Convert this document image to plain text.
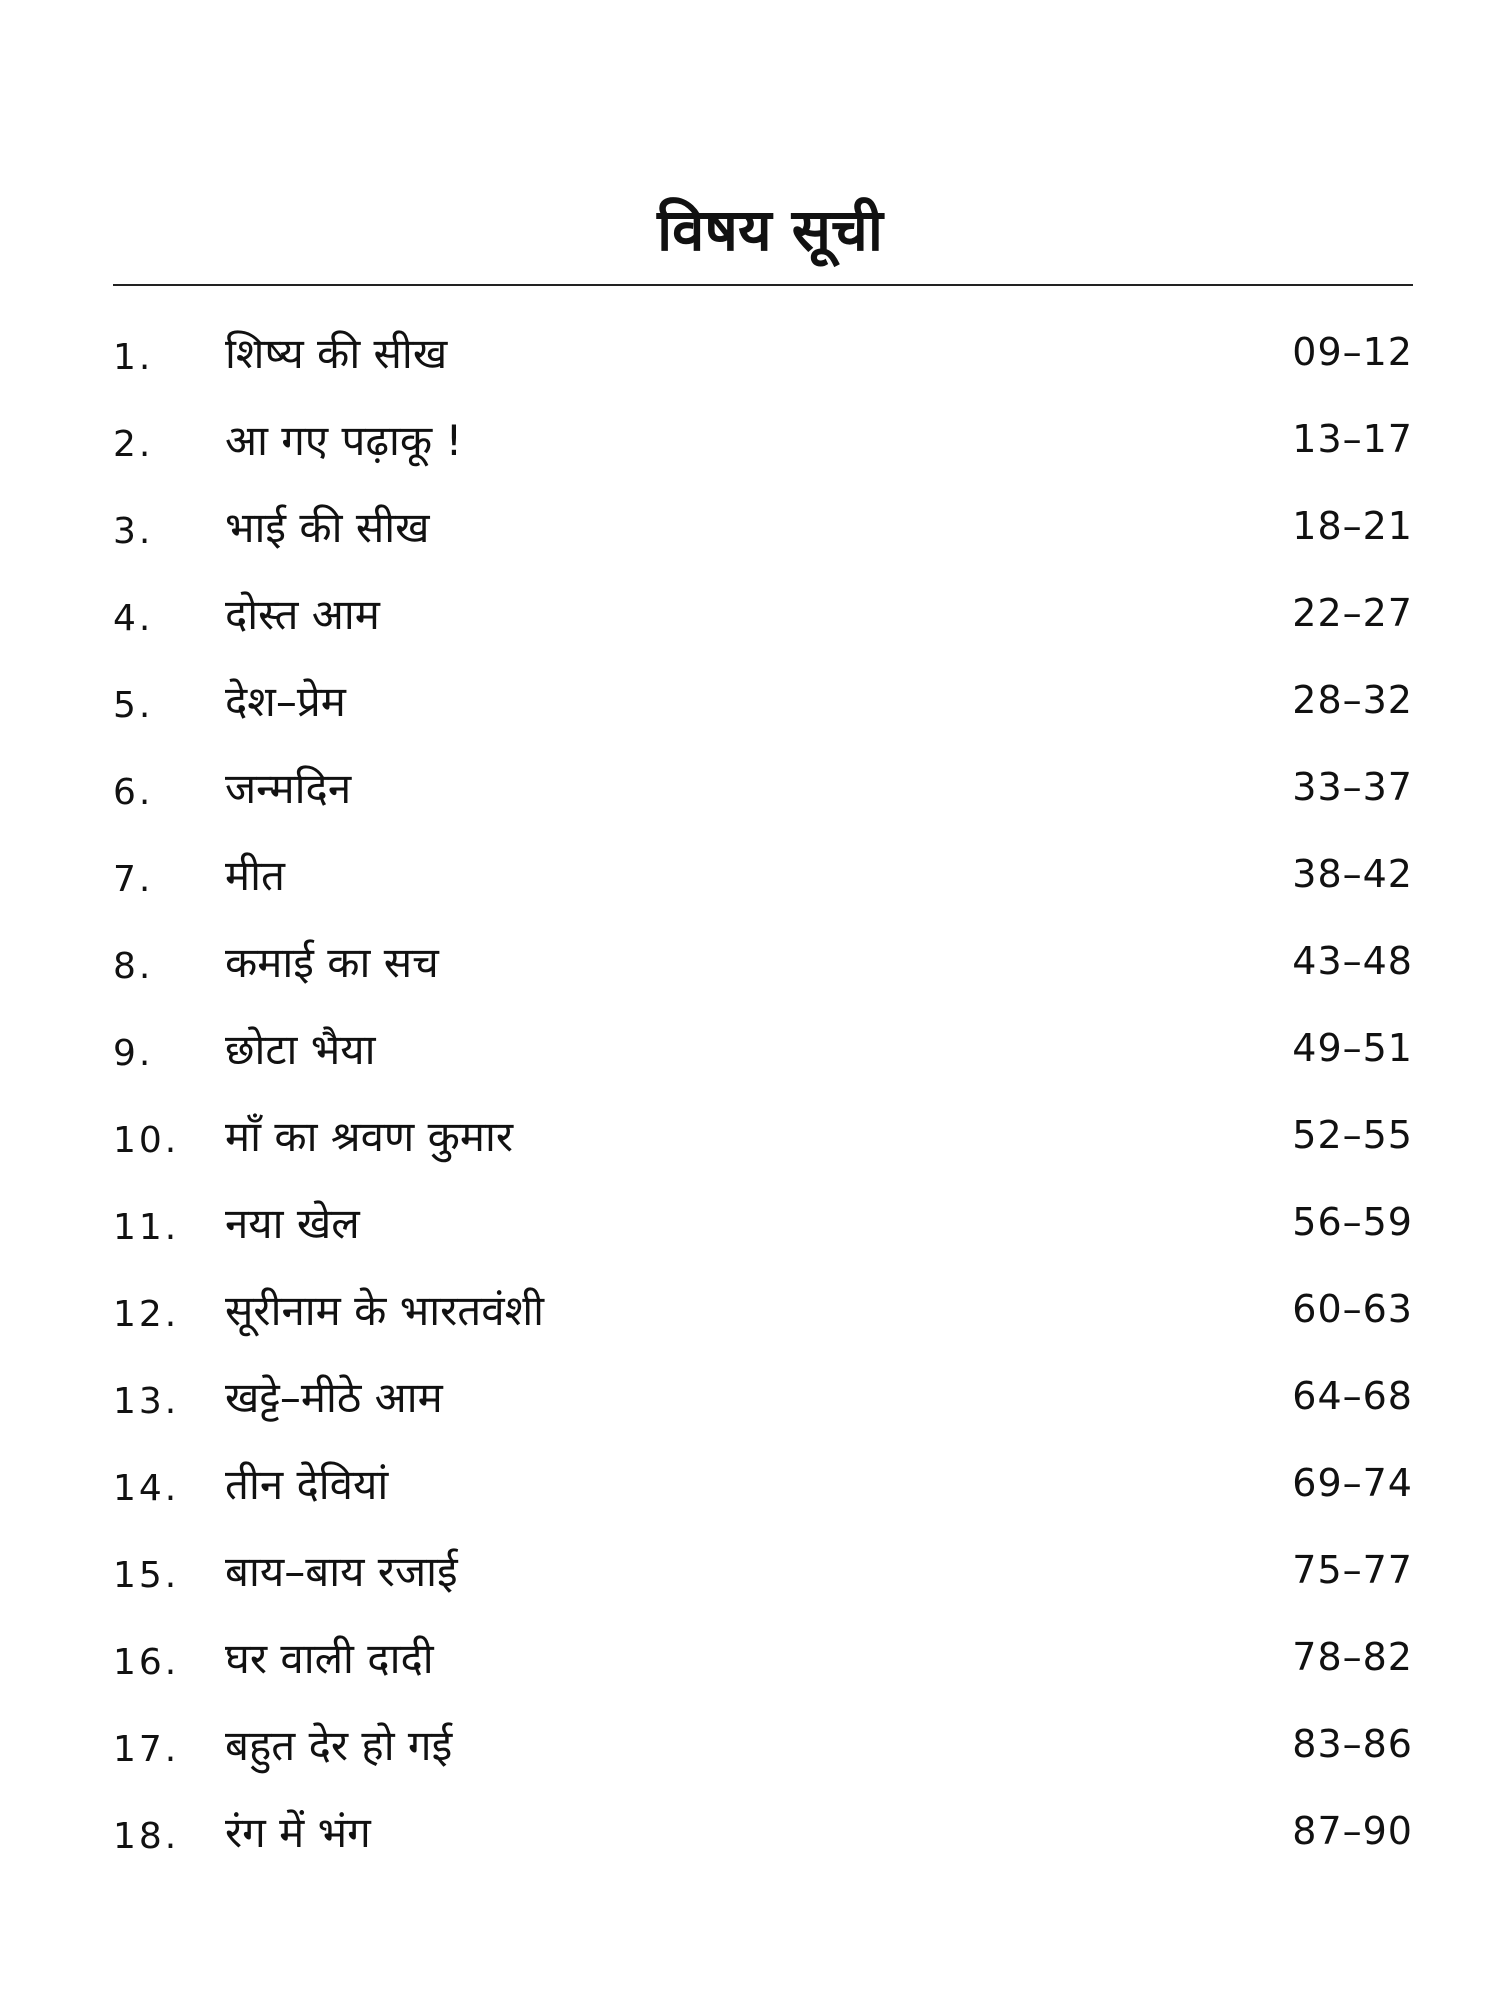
विषय सूची
1. शिष्य की सीख	09–12
2. आ गए पढ़ाकू !	13–17
3. भाई की सीख	18–21
4. दोस्त आम	22–27
5. देश–प्रेम	28–32
6. जन्मदिन	33–37
7. मीत	38–42
8. कमाई का सच	43–48
9. छोटा भैया	49–51
10. माँ का श्रवण कुमार	52–55
11. नया खेल	56–59
12. सूरीनाम के भारतवंशी	60–63
13. खट्टे–मीठे आम	64–68
14. तीन देवियां	69–74
15. बाय–बाय रजाई	75–77
16. घर वाली दादी	78–82
17. बहुत देर हो गई	83–86
18. रंग में भंग	87–90
